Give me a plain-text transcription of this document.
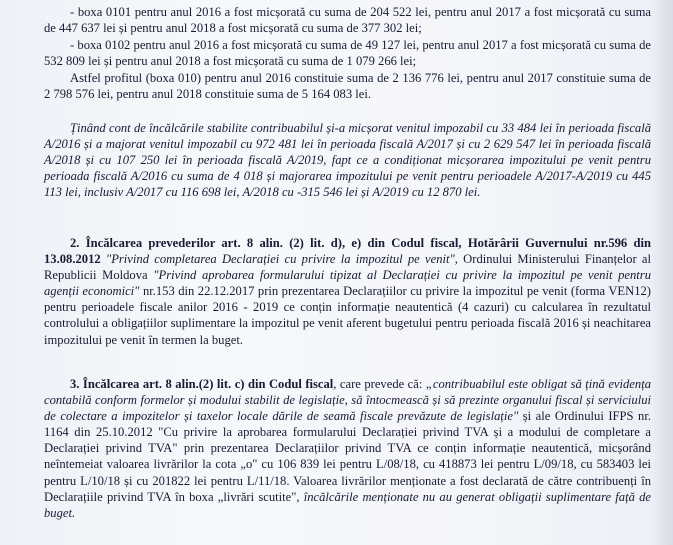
- boxa 0101 pentru anul 2016 a fost micșorată cu suma de 204 522 lei, pentru anul 2017 a fost micșorată cu suma de 447 637 lei și pentru anul 2018 a fost micșorată cu suma de 377 302 lei;

- boxa 0102 pentru anul 2016 a fost micșorată cu suma de 49 127 lei, pentru anul 2017 a fost micșorată cu suma de 532 809 lei și pentru anul 2018 a fost micșorată cu suma de 1 079 266 lei;

Astfel profitul (boxa 010) pentru anul 2016 constituie suma de 2 136 776 lei, pentru anul 2017 constituie suma de 2 798 576 lei, pentru anul 2018 constituie suma de 5 164 083 lei.

Ținând cont de încălcările stabilite contribuabilul și-a micșorat venitul impozabil cu 33 484 lei în perioada fiscală A/2016 și a majorat venitul impozabil cu 972 481 lei în perioada fiscală A/2017 și cu 2 629 547 lei în perioada fiscală A/2018 și cu 107 250 lei în perioada fiscală A/2019, fapt ce a condiționat micșorarea impozitului pe venit pentru perioada fiscală A/2016 cu suma de 4 018 și majorarea impozitului pe venit pentru perioadele A/2017-A/2019 cu 445 113 lei, inclusiv A/2017 cu 116 698 lei, A/2018 cu -315 546 lei și A/2019 cu 12 870 lei.

2. Încălcarea prevederilor art. 8 alin. (2) lit. d), e) din Codul fiscal, Hotărârii Guvernului nr.596 din 13.08.2012 "Privind completarea Declarației cu privire la impozitul pe venit", Ordinului Ministerului Finanțelor al Republicii Moldova "Privind aprobarea formularului tipizat al Declarației cu privire la impozitul pe venit pentru agenții economici" nr.153 din 22.12.2017 prin prezentarea Declarațiilor cu privire la impozitul pe venit (forma VEN12) pentru perioadele fiscale anilor 2016 - 2019 ce conțin informație neautentică (4 cazuri) cu calcularea în rezultatul controlului a obligațiilor suplimentare la impozitul pe venit aferent bugetului pentru perioada fiscală 2016 și neachitarea impozitului pe venit în termen la buget.

3. Încălcarea art. 8 alin.(2) lit. c) din Codul fiscal, care prevede că: „contribuabilul este obligat să țină evidența contabilă conform formelor și modului stabilit de legislație, să întocmească și să prezinte organului fiscal și serviciului de colectare a impozitelor și taxelor locale dările de seamă fiscale prevăzute de legislație" și ale Ordinului IFPS nr. 1164 din 25.10.2012 "Cu privire la aprobarea formularului Declarației privind TVA și a modului de completare a Declarației privind TVA" prin prezentarea Declarațiilor privind TVA ce conțin informație neautentică, micșorând neîntemeiat valoarea livrărilor la cota „o" cu 106 839 lei pentru L/08/18, cu 418873 lei pentru L/09/18, cu 583403 lei pentru L/10/18 și cu 201822 lei pentru L/11/18. Valoarea livrărilor menționate a fost declarată de către contribuenți în Declarațiile privind TVA în boxa „livrări scutite", încălcările menționate nu au generat obligații suplimentare față de buget.
